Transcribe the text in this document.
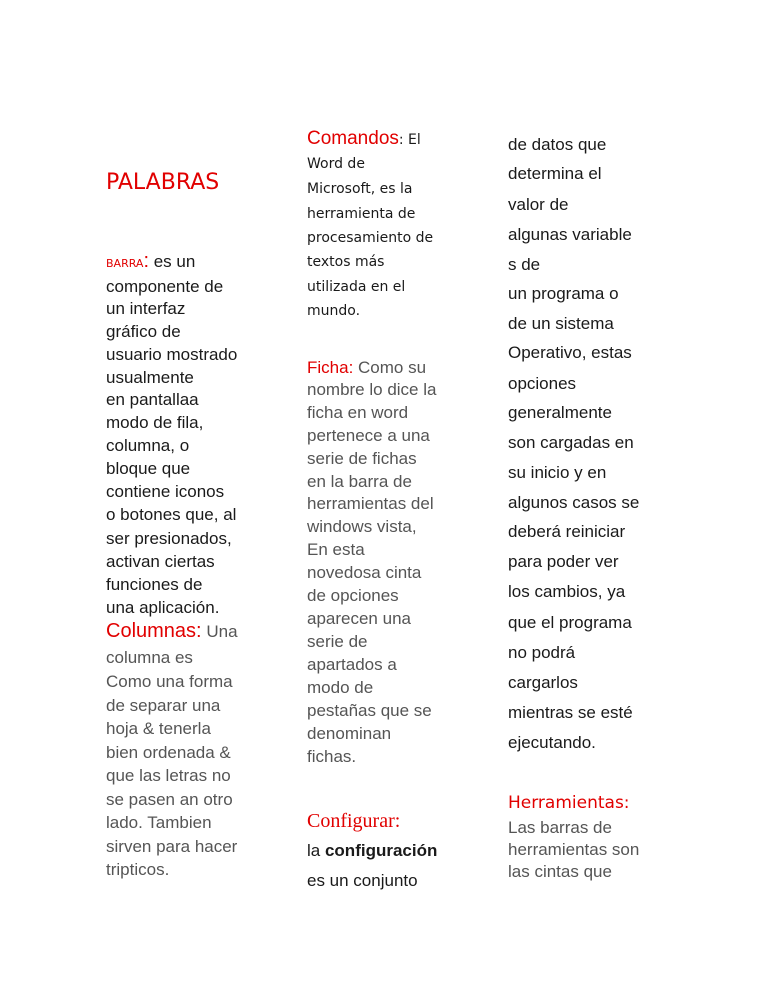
PALABRAS
BARRA: es un
componente de
un interfaz
gráfico de
usuario mostrado
usualmente
en pantallaa
modo de fila,
columna, o
bloque que
contiene iconos
o botones que, al
ser presionados,
activan ciertas
funciones de
una aplicación.
Columnas: Una
columna es
Como una forma
de separar una
hoja & tenerla
bien ordenada &
que las letras no
se pasen an otro
lado. Tambien
sirven para hacer
tripticos.
Comandos: El
Word de
Microsoft, es la
herramienta de
procesamiento de
textos más
utilizada en el
mundo.
Ficha: Como su
nombre lo dice la
ficha en word
pertenece a una
serie de fichas
en la barra de
herramientas del
windows vista,
En esta
novedosa cinta
de opciones
aparecen una
serie de
apartados a
modo de
pestañas que se
denominan
fichas.
Configurar:
la configuración
es un conjunto
de datos que
determina el
valor de
algunas variable
s de
un programa o
de un sistema
Operativo, estas
opciones
generalmente
son cargadas en
su inicio y en
algunos casos se
deberá reiniciar
para poder ver
los cambios, ya
que el programa
no podrá
cargarlos
mientras se esté
ejecutando.
Herramientas:
Las barras de
herramientas son
las cintas que
